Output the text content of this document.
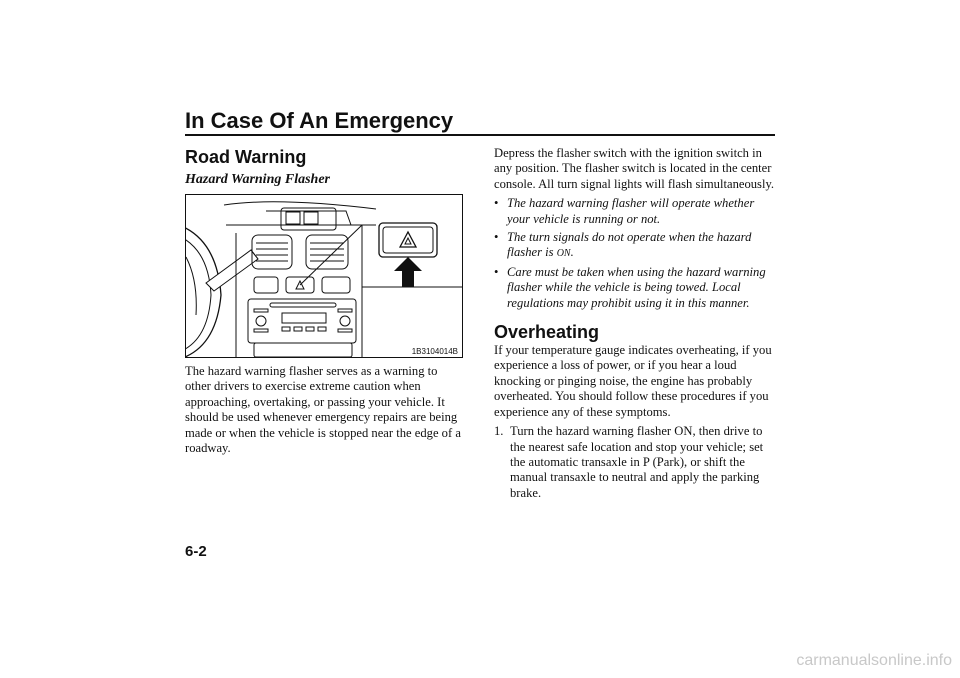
In Case Of An Emergency
Road Warning
Hazard Warning Flasher
1B3104014B

The hazard warning flasher serves as a warning to other drivers to exercise extreme caution when approaching, overtaking, or passing your vehicle. It should be used whenever emergency repairs are being made or when the vehicle is stopped near the edge of a roadway.

Depress the flasher switch with the ignition switch in any position. The flasher switch is located in the center console. All turn signal lights will flash simultaneously.

• The hazard warning flasher will operate whether your vehicle is running or not.
• The turn signals do not operate when the hazard flasher is ON.
• Care must be taken when using the hazard warning flasher while the vehicle is being towed. Local regulations may prohibit using it in this manner.
Overheating

If your temperature gauge indicates overheating, if you experience a loss of power, or if you hear a loud knocking or pinging noise, the engine has probably overheated. You should follow these procedures if you experience any of these symptoms.

1. Turn the hazard warning flasher ON, then drive to the nearest safe location and stop your vehicle; set the automatic transaxle in P (Park), or shift the manual transaxle to neutral and apply the parking brake.
6-2
carmanualsonline.info
